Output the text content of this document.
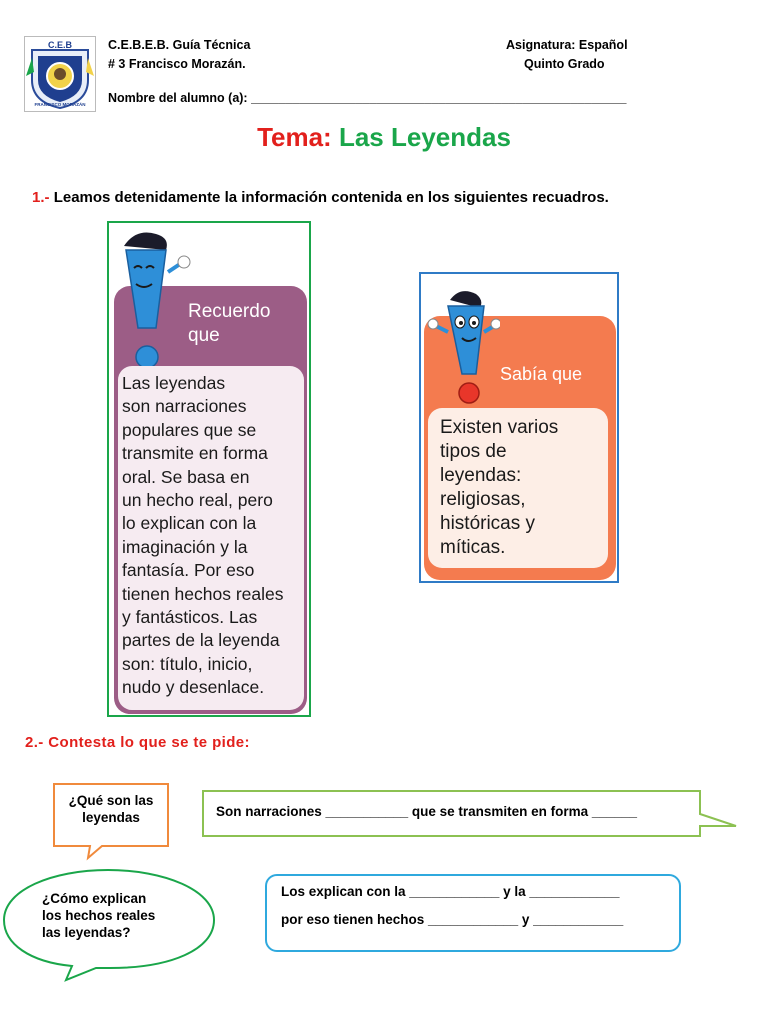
C.E.B
FRANCISCO MORAZÁN
C.E.B.E.B. Guía Técnica
# 3 Francisco Morazán.
Asignatura: Español
Quinto Grado
Nombre del alumno (a): ______________________________________________________
Tema: Las Leyendas
1.- Leamos detenidamente la información contenida en los siguientes recuadros.
Recuerdo
que
Las leyendas
son narraciones
populares que se
transmite en forma
oral. Se basa en
un hecho real, pero
lo explican con la
imaginación y la
fantasía. Por eso
tienen hechos reales
y fantásticos. Las
partes de la leyenda
son: título, inicio,
nudo y desenlace.
Sabía que
Existen varios
tipos de
leyendas:
religiosas,
históricas y
míticas.
2.- Contesta lo que se te pide:
¿Qué son las
leyendas	Son narraciones ___________ que se transmiten en forma ______
¿Cómo explican
los hechos reales
las leyendas?
Los explican con la ____________ y la ____________
por eso tienen hechos ____________ y ____________
